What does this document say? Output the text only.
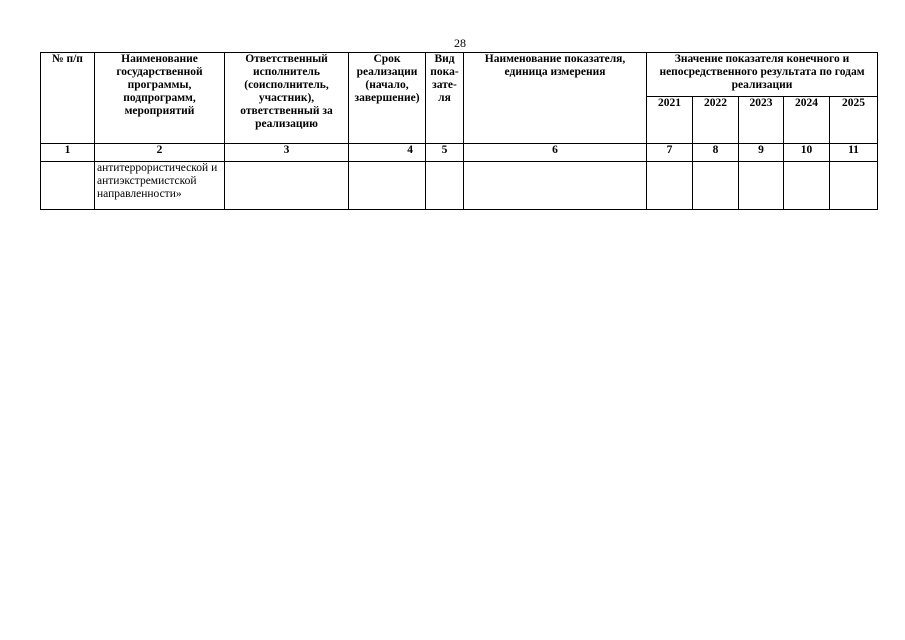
28
№ п/п	Наименование государственной программы, подпрограмм, мероприятий	Ответственный исполнитель (соисполнитель, участник), ответственный за реализацию	Срок реализации (начало, завершение)	Вид пока-зате-ля	Наименование показателя, единица измерения	Значение показателя конечного и непосредственного результата по годам реализации				
						2021	2022	2023	2024	2025
1	2	3	4	5	6	7	8	9	10	11
	антитеррористической и антиэкстремистской направленности»									
